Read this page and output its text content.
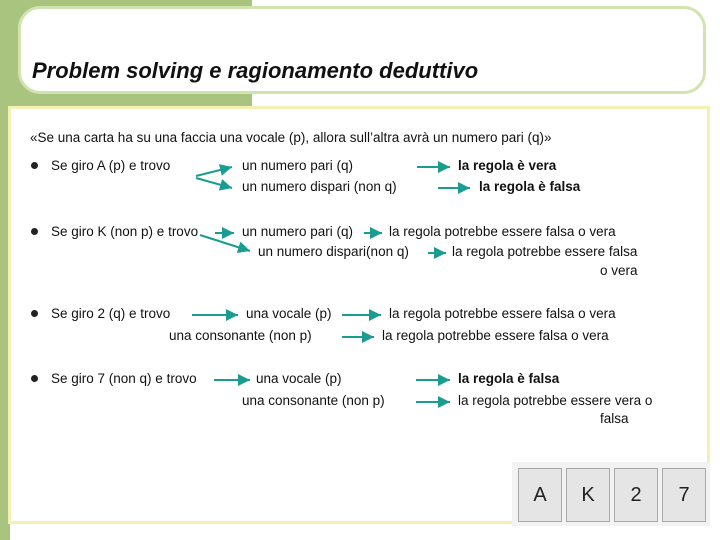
Problem solving e ragionamento deduttivo
«Se una carta ha su una faccia una vocale (p), allora sull’altra avrà un numero pari (q)»
Se giro A (p) e trovo	un numero pari (q)	la regola è vera
un numero dispari (non q)	la regola è falsa
Se giro K (non p) e trovo	un numero pari (q)	la regola potrebbe essere falsa o vera
un numero dispari(non q)	la regola potrebbe essere falsa
o vera
Se giro 2 (q) e trovo	una vocale (p)	la regola potrebbe essere falsa o vera
una consonante (non p)	la regola potrebbe essere falsa o vera
Se giro 7 (non q) e trovo	una vocale (p)	la regola è falsa
una consonante (non p)	la regola potrebbe essere vera o
falsa
A	K	2	7
